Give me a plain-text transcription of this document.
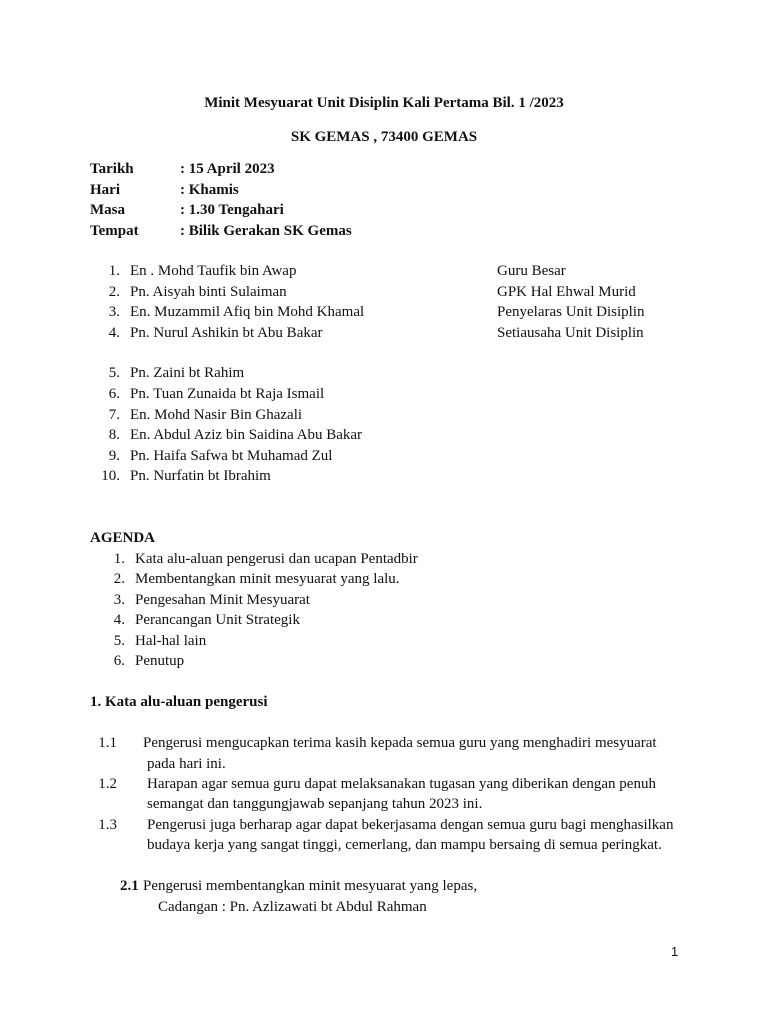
Minit Mesyuarat Unit Disiplin Kali Pertama Bil. 1 /2023
SK GEMAS , 73400 GEMAS
Tarikh	: 15 April 2023
Hari	: Khamis
Masa	: 1.30 Tengahari
Tempat	: Bilik Gerakan SK Gemas
1. En . Mohd Taufik bin Awap	Guru Besar
2. Pn. Aisyah binti Sulaiman	GPK Hal Ehwal Murid
3. En. Muzammil Afiq bin Mohd Khamal	Penyelaras Unit Disiplin
4. Pn. Nurul Ashikin bt Abu Bakar	Setiausaha Unit Disiplin
5. Pn. Zaini bt Rahim
6. Pn. Tuan Zunaida bt Raja Ismail
7. En. Mohd Nasir Bin Ghazali
8. En. Abdul Aziz bin Saidina Abu Bakar
9. Pn. Haifa Safwa bt Muhamad Zul
10. Pn. Nurfatin bt Ibrahim
AGENDA
1. Kata alu-aluan pengerusi dan ucapan Pentadbir
2. Membentangkan minit mesyuarat yang lalu.
3. Pengesahan Minit Mesyuarat
4. Perancangan Unit Strategik
5. Hal-hal lain
6. Penutup
1. Kata alu-aluan pengerusi
1.1 Pengerusi mengucapkan terima kasih kepada semua guru yang menghadiri mesyuarat
pada hari ini.
1.2 Harapan agar semua guru dapat melaksanakan tugasan yang diberikan dengan penuh
semangat dan tanggungjawab sepanjang tahun 2023 ini.
1.3 Pengerusi juga berharap agar dapat bekerjasama dengan semua guru bagi menghasilkan
budaya kerja yang sangat tinggi, cemerlang, dan mampu bersaing di semua peringkat.
2.1 Pengerusi membentangkan minit mesyuarat yang lepas,
Cadangan : Pn. Azlizawati bt Abdul Rahman
1
